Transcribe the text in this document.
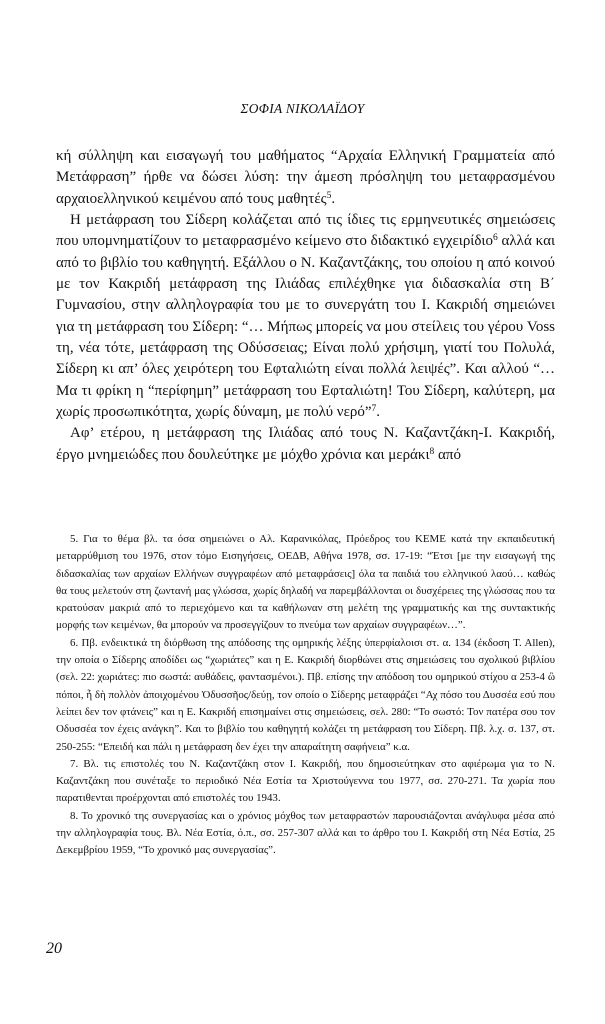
ΣΟΦΙΑ ΝΙΚΟΛΑΪΔΟΥ

κή σύλληψη και εισαγωγή του μαθήματος “Αρχαία Ελληνική Γραμματεία από Μετάφραση” ήρθε να δώσει λύση: την άμεση πρόσληψη του μεταφρασμένου αρχαιοελληνικού κειμένου από τους μαθητές$^5$.

Η μετάφραση του Σίδερη κολάζεται από τις ίδιες τις ερμηνευτικές σημειώσεις που υπομνηματίζουν το μεταφρασμένο κείμενο στο διδακτικό εγχειρίδιο$^6$ αλλά και από το βιβλίο του καθηγητή. Εξάλλου ο Ν. Καζαντζάκης, του οποίου η από κοινού με τον Κακριδή μετάφραση της Ιλιάδας επιλέχθηκε για διδασκαλία στη Β΄ Γυμνασίου, στην αλληλογραφία του με το συνεργάτη του Ι. Κακριδή σημειώνει για τη μετάφραση του Σίδερη: “… Μήπως μπορείς να μου στείλεις του γέρου Voss τη, νέα τότε, μετάφραση της Οδύσσειας; Είναι πολύ χρήσιμη, γιατί του Πολυλά, Σίδερη κι απ’ όλες χειρότερη του Εφταλιώτη είναι πολλά λειψές”. Και αλλού “… Μα τι φρίκη η “περίφημη” μετάφραση του Εφταλιώτη! Του Σίδερη, καλύτερη, μα χωρίς προσωπικότητα, χωρίς δύναμη, με πολύ νερό”$^7$.

Αφ’ ετέρου, η μετάφραση της Ιλιάδας από τους Ν. Καζαντζάκη-Ι. Κακριδή, έργο μνημειώδες που δουλεύτηκε με μόχθο χρόνια και μεράκι$^8$ από

5. Για το θέμα βλ. τα όσα σημειώνει ο Αλ. Καρανικόλας, Πρόεδρος του ΚΕΜΕ κατά την εκπαιδευτική μεταρρύθμιση του 1976, στον τόμο Εισηγήσεις, ΟΕΔΒ, Αθήνα 1978, σσ. 17-19: “Έτσι [με την εισαγωγή της διδασκαλίας των αρχαίων Ελλήνων συγγραφέων από μεταφράσεις] όλα τα παιδιά του ελληνικού λαού… καθώς θα τους μελετούν στη ζωντανή μας γλώσσα, χωρίς δηλαδή να παρεμβάλλονται οι δυσχέρειες της γλώσσας που τα κρατούσαν μακριά από το περιεχόμενο και τα καθήλωναν στη μελέτη της γραμματικής και της συντακτικής μορφής των κειμένων, θα μπορούν να προσεγγίζουν το πνεύμα των αρχαίων συγγραφέων…”.

6. Πβ. ενδεικτικά τη διόρθωση της απόδοσης της ομηρικής λέξης ὑπερφίαλοισι στ. α. 134 (έκδοση T. Allen), την οποία ο Σίδερης αποδίδει ως “χωριάτες” και η Ε. Κακριδή διορθώνει στις σημειώσεις του σχολικού βιβλίου (σελ. 22: χωριάτες: πιο σωστά: αυθάδεις, φαντασμένοι.). Πβ. επίσης την απόδοση του ομηρικού στίχου α 253-4 ὢ πόποι, ἦ δὴ πολλὸν ἀποιχομένου Ὀδυσσῆος/δεύῃ, τον οποίο ο Σίδερης μεταφράζει “Αχ πόσο του Δυσσέα εσύ που λείπει δεν τον φτάνεις” και η Ε. Κακριδή επισημαίνει στις σημειώσεις, σελ. 280: “Το σωστό: Τον πατέρα σου τον Οδυσσέα τον έχεις ανάγκη”. Και το βιβλίο του καθηγητή κολάζει τη μετάφραση του Σίδερη. Πβ. λ.χ. σ. 137, στ. 250-255: “Επειδή και πάλι η μετάφραση δεν έχει την απαραίτητη σαφήνεια” κ.α.

7. Βλ. τις επιστολές του Ν. Καζαντζάκη στον Ι. Κακριδή, που δημοσιεύτηκαν στο αφιέρωμα για το Ν. Καζαντζάκη που συνέταξε το περιοδικό Νέα Εστία τα Χριστούγεννα του 1977, σσ. 270-271. Τα χωρία που παρατιθενται προέρχονται από επιστολές του 1943.

8. Το χρονικό της συνεργασίας και ο χρόνιος μόχθος των μεταφραστών παρουσιάζονται ανάγλυφα μέσα από την αλληλογραφία τους. Βλ. Νέα Εστία, ό.π., σσ. 257-307 αλλά και το άρθρο του Ι. Κακριδή στη Νέα Εστία, 25 Δεκεμβρίου 1959, “Το χρονικό μας συνεργασίας”.

20
